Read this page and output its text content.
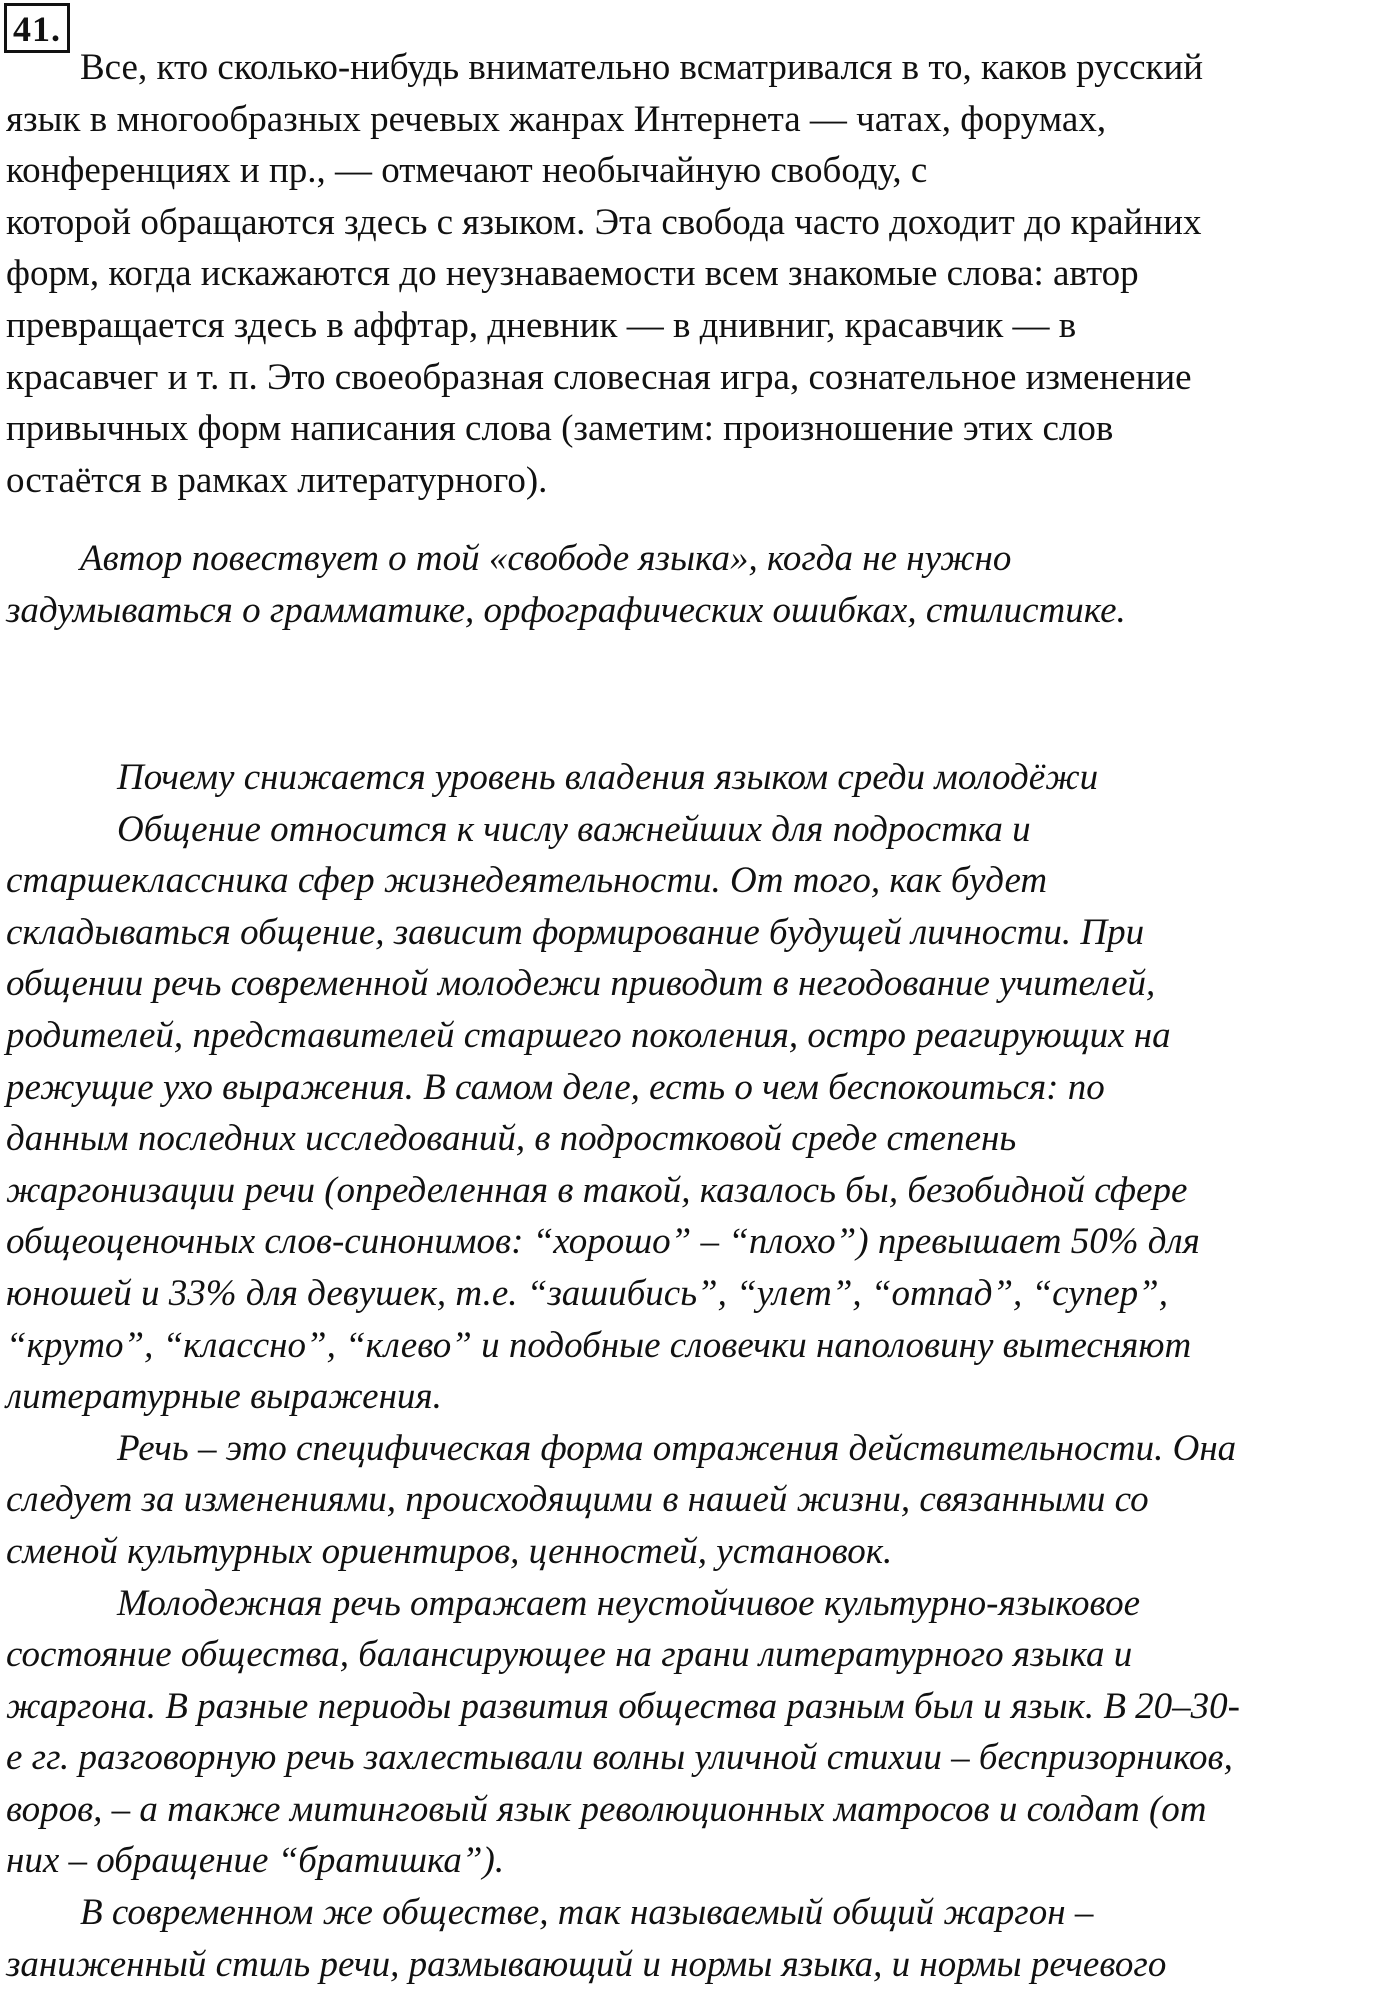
41.
Все, кто сколько-нибудь внимательно всматривался в то, каков русский
язык в многообразных речевых жанрах Интернета — чатах, форумах,
конференциях и пр., — отмечают необычайную свободу, с
которой обращаются здесь с языком. Эта свобода часто доходит до крайних
форм, когда искажаются до неузнаваемости всем знакомые слова: автор
превращается здесь в аффтар, дневник — в днивниг, красавчик — в
красавчег и т. п. Это своеобразная словесная игра, сознательное изменение
привычных форм написания слова (заметим: произношение этих слов
остаётся в рамках литературного).
Автор повествует о той «свободе языка», когда не нужно
задумываться о грамматике, орфографических ошибках, стилистике.
Почему снижается уровень владения языком среди молодёжи
Общение относится к числу важнейших для подростка и
старшеклассника сфер жизнедеятельности. От того, как будет
складываться общение, зависит формирование будущей личности. При
общении речь современной молодежи приводит в негодование учителей,
родителей, представителей старшего поколения, остро реагирующих на
режущие ухо выражения. В самом деле, есть о чем беспокоиться: по
данным последних исследований, в подростковой среде степень
жаргонизации речи (определенная в такой, казалось бы, безобидной сфере
общеоценочных слов-синонимов: “хорошо” – “плохо”) превышает 50% для
юношей и 33% для девушек, т.е. “зашибись”, “улет”, “отпад”, “супер”,
“круто”, “классно”, “клево” и подобные словечки наполовину вытесняют
литературные выражения.
Речь – это специфическая форма отражения действительности. Она
следует за изменениями, происходящими в нашей жизни, связанными со
сменой культурных ориентиров, ценностей, установок.
Молодежная речь отражает неустойчивое культурно-языковое
состояние общества, балансирующее на грани литературного языка и
жаргона. В разные периоды развития общества разным был и язык. В 20–30-
е гг. разговорную речь захлестывали волны уличной стихии – беспризорников,
воров, – а также митинговый язык революционных матросов и солдат (от
них – обращение “братишка”).
В современном же обществе, так называемый общий жаргон –
заниженный стиль речи, размывающий и нормы языка, и нормы речевого
